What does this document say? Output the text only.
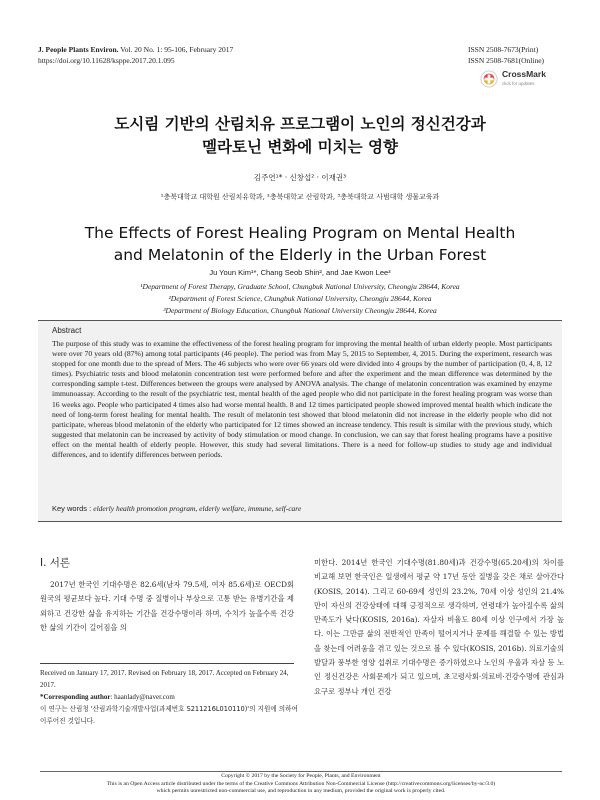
J. People Plants Environ. Vol. 20 No. 1: 95-106, February 2017
https://doi.org/10.11628/ksppe.2017.20.1.095
ISSN 2508-7673(Print)
ISSN 2508-7681(Online)
CrossMark
click for updates
도시림 기반의 산림치유 프로그램이 노인의 정신건강과
멜라토닌 변화에 미치는 영향
김주연¹* · 신창섭² · 이재권³
¹충북대학교 대학원 산림치유학과, ²충북대학교 산림학과, ³충북대학교 사범대학 생물교육과
The Effects of Forest Healing Program on Mental Health
and Melatonin of the Elderly in the Urban Forest
Ju Youn Kim¹*, Chang Seob Shin², and Jae Kwon Lee³
¹Department of Forest Therapy, Graduate School, Chungbuk National University, Cheongju 28644, Korea
²Department of Forest Science, Chungbuk National University, Cheongju 28644, Korea
³Department of Biology Education, Chungbuk National University Cheongju 28644, Korea
Abstract
The purpose of this study was to examine the effectiveness of the forest healing program for improving the mental health of urban elderly people. Most participants were over 70 years old (87%) among total participants (46 people). The period was from May 5, 2015 to September, 4, 2015. During the experiment, research was stopped for one month due to the spread of Mers. The 46 subjects who were over 66 years old were divided into 4 groups by the number of participation (0, 4, 8, 12 times). Psychiatric tests and blood melatonin concentration test were performed before and after the experiment and the mean difference was determined by the corresponding sample t-test. Differences between the groups were analysed by ANOVA analysis. The change of melatonin concentration was examined by enzyme immunoassay. According to the result of the psychiatric test, mental health of the aged people who did not participate in the forest healing program was worse than 16 weeks ago. People who participated 4 times also had worse mental health. 8 and 12 times participated people showed improved mental health which indicate the need of long-term forest healing for mental health. The result of melatonin test showed that blood melatonin did not increase in the elderly people who did not participate, whereas blood melatonin of the elderly who participated for 12 times showed an increase tendency. This result is similar with the previous study, which suggested that melatonin can be increased by activity of body stimulation or mood change. In conclusion, we can say that forest healing programs have a positive effect on the mental health of elderly people. However, this study had several limitations. There is a need for follow-up studies to study age and individual differences, and to identify differences between periods.
Key words : elderly health promotion program, elderly welfare, immune, self-care
Ⅰ. 서론
2017년 한국인 기대수명은 82.6세(남자 79.5세, 여자 85.6세)로 OECD회원국의 평균보다 높다. 기대 수명 중 질병이나 부상으로 고통 받는 유병기간을 제외하고 건강한 삶을 유지하는 기간을 건강수명이라 하며, 수치가 높을수록 건강한 삶의 기간이 길어짐을 의
미한다. 2014년 한국인 기대수명(81.80세)과 건강수명(65.20세)의 차이를 비교해 보면 한국인은 일생에서 평균 약 17년 동안 질병을 갖은 채로 살아간다(KOSIS, 2014). 그리고 60-69세 성인의 23.2%, 70세 이상 성인의 21.4%만이 자신의 건강상태에 대해 긍정적으로 생각하며, 연령대가 높아질수록 삶의 만족도가 낮다(KOSIS, 2016a). 자살자 비율도 80세 이상 인구에서 가장 높다. 이는 그만큼 삶의 전반적인 만족이 떨어지거나 문제를 해결할 수 있는 방법을 찾는데 어려움을 겪고 있는 것으로 볼 수 있다(KOSIS, 2016b). 의료기술의 발달과 풍부한 영양 섭취로 기대수명은 증가하였으나 노인의 우울과 자살 등 노인 정신건강은 사회문제가 되고 있으며, 초고령사회·의료비·건강수명에 관심과 요구로 정부나 개인 건강
Received on January 17, 2017. Revised on February 18, 2017. Accepted on February 24, 2017.
*Corresponding author: haanlady@naver.com
이 연구는 산림청 '산림과학기술개발사업(과제번호 S211216L010110)'의 지원에 의하여 이루어진 것입니다.
Copyright © 2017 by the Society for People, Plants, and Environment
This is an Open Access article distributed under the terms of the Creative Commons Attribution Non-Commercial License (http://creativecommons.org/licenses/by-nc/3.0)
which permits unrestricted non-commercial use, and reproduction in any medium, provided the original work is properly cited.
